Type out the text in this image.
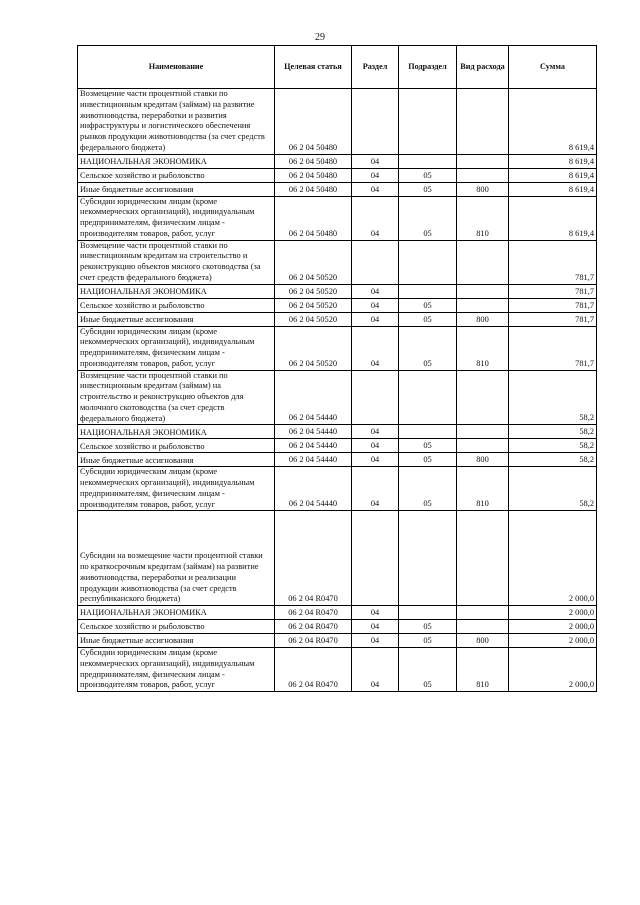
29
Наименование	Целевая статья	Раздел	Подраздел	Вид расхода	Сумма
Возмещение части процентной ставки по инвестиционным кредитам (займам) на развитие животноводства, переработки и развития инфраструктуры и логистического обеспечения рынков продукции животноводства (за счет средств федерального бюджета)	06 2 04 50480				8 619,4
НАЦИОНАЛЬНАЯ ЭКОНОМИКА	06 2 04 50480	04			8 619,4
Сельское хозяйство и рыболовство	06 2 04 50480	04	05		8 619,4
Иные бюджетные ассигнования	06 2 04 50480	04	05	800	8 619,4
Субсидии юридическим лицам (кроме некоммерческих организаций), индивидуальным предпринимателям, физическим лицам - производителям товаров, работ, услуг	06 2 04 50480	04	05	810	8 619,4
Возмещение части процентной ставки по инвестиционным кредитам на строительство и реконструкцию объектов мясного скотоводства (за счет средств федерального бюджета)	06 2 04 50520				781,7
НАЦИОНАЛЬНАЯ ЭКОНОМИКА	06 2 04 50520	04			781,7
Сельское хозяйство и рыболовство	06 2 04 50520	04	05		781,7
Иные бюджетные ассигнования	06 2 04 50520	04	05	800	781,7
Субсидии юридическим лицам (кроме некоммерческих организаций), индивидуальным предпринимателям, физическим лицам - производителям товаров, работ, услуг	06 2 04 50520	04	05	810	781,7
Возмещение части процентной ставки по инвестиционным кредитам (займам) на строительство и реконструкцию объектов для молочного скотоводства (за счет средств федерального бюджета)	06 2 04 54440				58,2
НАЦИОНАЛЬНАЯ ЭКОНОМИКА	06 2 04 54440	04			58,2
Сельское хозяйство и рыболовство	06 2 04 54440	04	05		58,2
Иные бюджетные ассигнования	06 2 04 54440	04	05	800	58,2
Субсидии юридическим лицам (кроме некоммерческих организаций), индивидуальным предпринимателям, физическим лицам - производителям товаров, работ, услуг	06 2 04 54440	04	05	810	58,2
Субсидии на возмещение части процентной ставки по краткосрочным кредитам (займам) на развитие животноводства, переработки и реализации продукции животноводства (за счет средств республиканского бюджета)	06 2 04 R0470				2 000,0
НАЦИОНАЛЬНАЯ ЭКОНОМИКА	06 2 04 R0470	04			2 000,0
Сельское хозяйство и рыболовство	06 2 04 R0470	04	05		2 000,0
Иные бюджетные ассигнования	06 2 04 R0470	04	05	800	2 000,0
Субсидии юридическим лицам (кроме некоммерческих организаций), индивидуальным предпринимателям, физическим лицам - производителям товаров, работ, услуг	06 2 04 R0470	04	05	810	2 000,0
